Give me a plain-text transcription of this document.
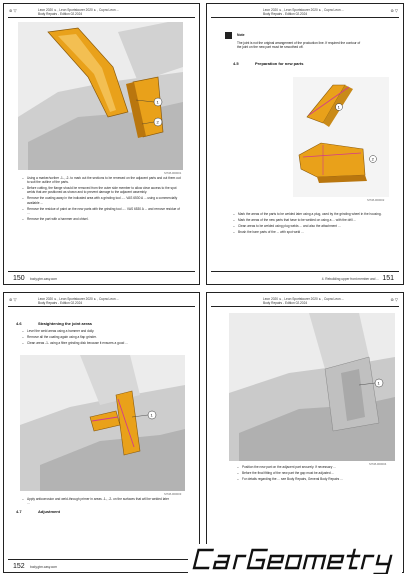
⊜ ▽	Leon 2020 ➤ , Leon Sportstourer 2020 ➤ , Cupra Leon ...
Body Repairs - Edition 02.2024
1
2
S7N8-000001
– Using a marker/scriber -1-, -2- to mark out the sections to be renewed on the adjacent parts and cut them out to suit the outline of the parts.
– Before cutting, the flange should be removed from the outer side member to allow clear access to the spot welds that are positioned as shown and to prevent damage to the adjacent assembly.
– Remove the coating away in the indicated area with a grinding tool -... VAS 6530 A ... using a commercially available ...
– Remove the residue of paint on the new parts with the grinding tool -... VAS 6530 A ... and remove residue of ...
– Remove the part with a hammer and chisel.
150 body.gtm.casy.com
Leon 2020 ➤ , Leon Sportstourer 2020 ➤ , Cupra Leon ...
Body Repairs - Edition 02.2024
⊜ ▽
Note
The joint is not the original arrangement of the production line. If required the contour of the joint on the new part must be smoothed off.
4.5	Preparation for new parts
1
2
S7N8-000002
– Mark the areas of the parts to be welded later using a plug, used by the grinding wheel in the housing.
– Mark the areas of the new parts that have to be welded on using a ... with the drill ...
– Clean areas to be welded using plug welds ... and also the attachment ...
– Brush the bare parts of the ... with spot weld ...
4. Rebuilding upper front member and ... 151
⊜ ▽	Leon 2020 ➤ , Leon Sportstourer 2020 ➤ , Cupra Leon ...
Body Repairs - Edition 02.2024
4.6	Straightening the joint areas
– Level the weld areas using a hammer and dolly.
– Remove all the coating again using a flap grinder.
– Clean areas -1- using a fibre grinding disk because it ensures a good ...
1
S7N8-000003
– Apply anticorrosion and weld-through primer in areas -1-, -2- on the surfaces that will be welded later ...
4.7	Adjustment
152 body.gtm.casy.com
Leon 2020 ➤ , Leon Sportstourer 2020 ➤ , Cupra Leon ...
Body Repairs - Edition 02.2024
⊜ ▽
1
S7N8-000004
– Position the new part on the adjacent part securely. If necessary ...
– Before the final fitting of the new part the gap must be adjusted ...
– For details regarding the ... see Body Repairs, General Body Repairs ...
